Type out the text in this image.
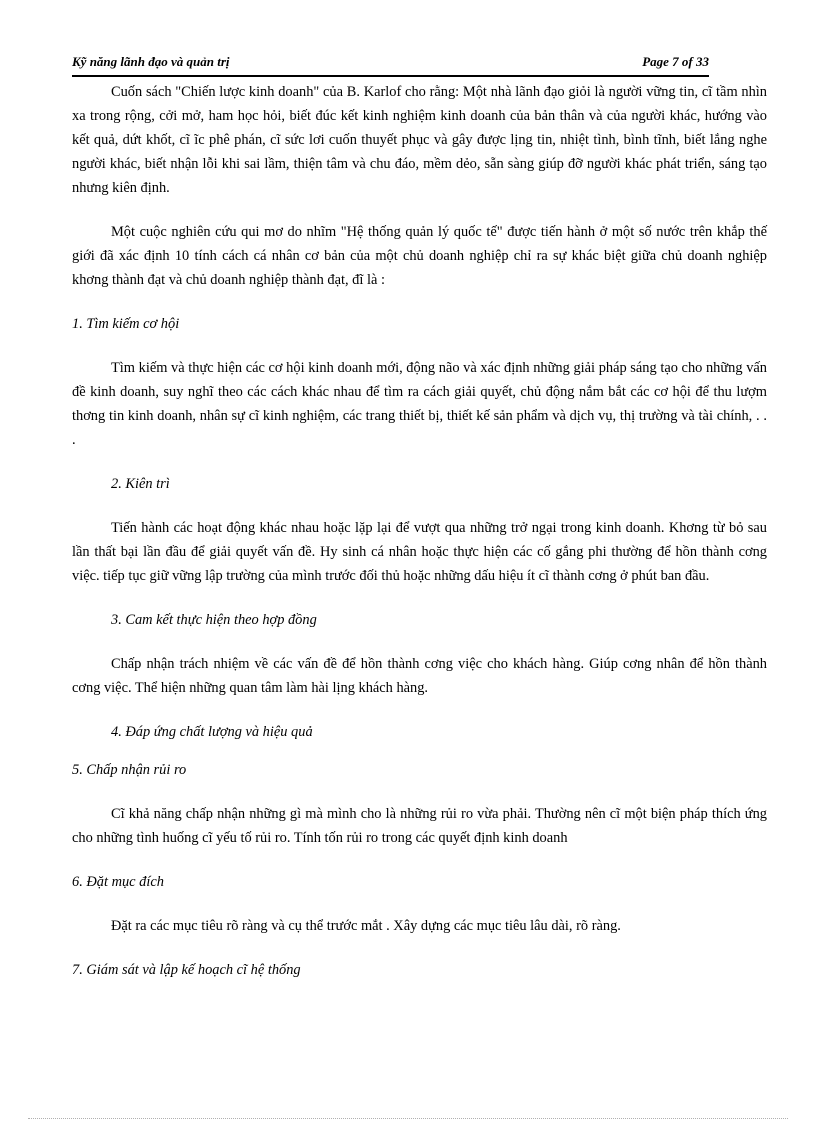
Kỹ năng lãnh đạo và quản trị	Page 7 of 33

Cuốn sách "Chiến lược kinh doanh" của B. Karlof cho rằng: Một nhà lãnh đạo giỏi là người vững tin, cĩ tầm nhìn xa trong rộng, cởi mở, ham học hỏi, biết đúc kết kinh nghiệm kinh doanh của bản thân và của người khác, hướng vào kết quả, dứt khốt, cĩ ĩc phê phán, cĩ sức lơi cuốn thuyết phục và gây được lịng tin, nhiệt tình, bình tĩnh, biết lắng nghe người khác, biết nhận lỗi khi sai lầm, thiện tâm và chu đáo, mềm dẻo, sẵn sàng giúp đỡ người khác phát triển, sáng tạo nhưng kiên định.

Một cuộc nghiên cứu qui mơ do nhĩm "Hệ thống quản lý quốc tế" được tiến hành ở một số nước trên khắp thế giới đã xác định 10 tính cách cá nhân cơ bản của một chủ doanh nghiệp chỉ ra sự khác biệt giữa chủ doanh nghiệp khơng thành đạt và chủ doanh nghiệp thành đạt, đĩ là :

1. Tìm kiếm cơ hội

Tìm kiếm và thực hiện các cơ hội kinh doanh mới, động não và xác định những giải pháp sáng tạo cho những vấn đề kinh doanh, suy nghĩ theo các cách khác nhau để tìm ra cách giải quyết, chủ động nắm bắt các cơ hội để thu lượm thơng tin kinh doanh, nhân sự cĩ kinh nghiệm, các trang thiết bị, thiết kế sản phẩm và dịch vụ, thị trường và tài chính, . . .

2. Kiên trì

Tiến hành các hoạt động khác nhau hoặc lặp lại để vượt qua những trở ngại trong kinh doanh. Khơng từ bỏ sau lần thất bại lần đầu để giải quyết vấn đề. Hy sinh cá nhân hoặc thực hiện các cố gắng phi thường để hồn thành cơng việc. tiếp tục giữ vững lập trường của mình trước đối thủ hoặc những dấu hiệu ít cĩ thành cơng ở phút ban đầu.

3. Cam kết thực hiện theo hợp đồng

Chấp nhận trách nhiệm về các vấn đề để hồn thành cơng việc cho khách hàng. Giúp cơng nhân để hồn thành cơng việc. Thể hiện những quan tâm làm hài lịng khách hàng.

4. Đáp ứng chất lượng và hiệu quả

5. Chấp nhận rủi ro

Cĩ khả năng chấp nhận những gì mà mình cho là những rủi ro vừa phải. Thường nên cĩ một biện pháp thích ứng cho những tình huống cĩ yếu tố rủi ro. Tính tốn rủi ro trong các quyết định kinh doanh

6. Đặt mục đích

Đặt ra các mục tiêu rõ ràng và cụ thể trước mắt . Xây dựng các mục tiêu lâu dài, rõ ràng.

7. Giám sát và lập kế hoạch cĩ hệ thống
